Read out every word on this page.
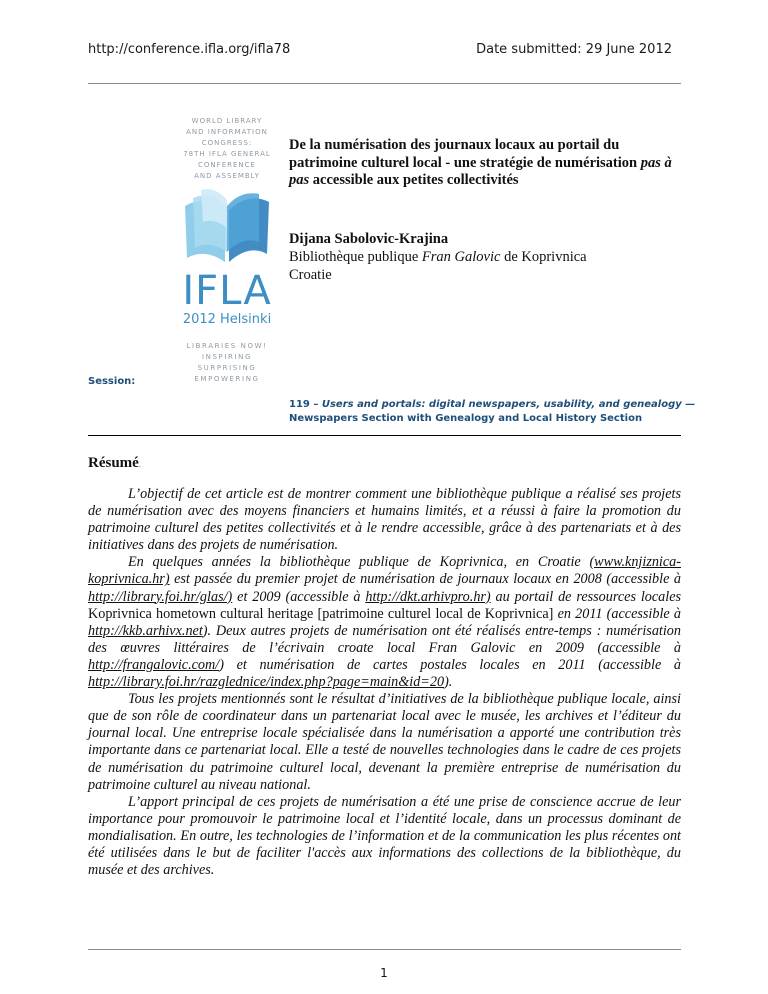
http://conference.ifla.org/ifla78	Date submitted: 29 June 2012
WORLD LIBRARY
AND INFORMATION
CONGRESS:
78TH IFLA GENERAL
CONFERENCE
AND ASSEMBLY
IFLA
2012 Helsinki
LIBRARIES NOW!
INSPIRING
SURPRISING
EMPOWERING
De la numérisation des journaux locaux au portail du patrimoine culturel local - une stratégie de numérisation pas à pas accessible aux petites collectivités
Dijana Sabolovic-Krajina
Bibliothèque publique Fran Galovic de Koprivnica
Croatie
Session:
119 – Users and portals: digital newspapers, usability, and genealogy —
Newspapers Section with Genealogy and Local History Section
Résumé.

L’objectif de cet article est de montrer comment une bibliothèque publique a réalisé ses projets de numérisation avec des moyens financiers et humains limités, et a réussi à faire la promotion du patrimoine culturel des petites collectivités et à le rendre accessible, grâce à des partenariats et à des initiatives dans des projets de numérisation.

En quelques années la bibliothèque publique de Koprivnica, en Croatie (www.knjiznica-koprivnica.hr) est passée du premier projet de numérisation de journaux locaux en 2008 (accessible à http://library.foi.hr/glas/) et 2009 (accessible à http://dkt.arhivpro.hr) au portail de ressources locales Koprivnica hometown cultural heritage [patrimoine culturel local de Koprivnica] en 2011 (accessible à http://kkb.arhivx.net). Deux autres projets de numérisation ont été réalisés entre-temps : numérisation des œuvres littéraires de l’écrivain croate local Fran Galovic en 2009 (accessible à http://frangalovic.com/) et numérisation de cartes postales locales en 2011 (accessible à http://library.foi.hr/razglednice/index.php?page=main&id=20).

Tous les projets mentionnés sont le résultat d’initiatives de la bibliothèque publique locale, ainsi que de son rôle de coordinateur dans un partenariat local avec le musée, les archives et l’éditeur du journal local. Une entreprise locale spécialisée dans la numérisation a apporté une contribution très importante dans ce partenariat local. Elle a testé de nouvelles technologies dans le cadre de ces projets de numérisation du patrimoine culturel local, devenant la première entreprise de numérisation du patrimoine culturel au niveau national.

L’apport principal de ces projets de numérisation a été une prise de conscience accrue de leur importance pour promouvoir le patrimoine local et l’identité locale, dans un processus dominant de mondialisation. En outre, les technologies de l’information et de la communication les plus récentes ont été utilisées dans le but de faciliter l'accès aux informations des collections de la bibliothèque, du musée et des archives.

1
